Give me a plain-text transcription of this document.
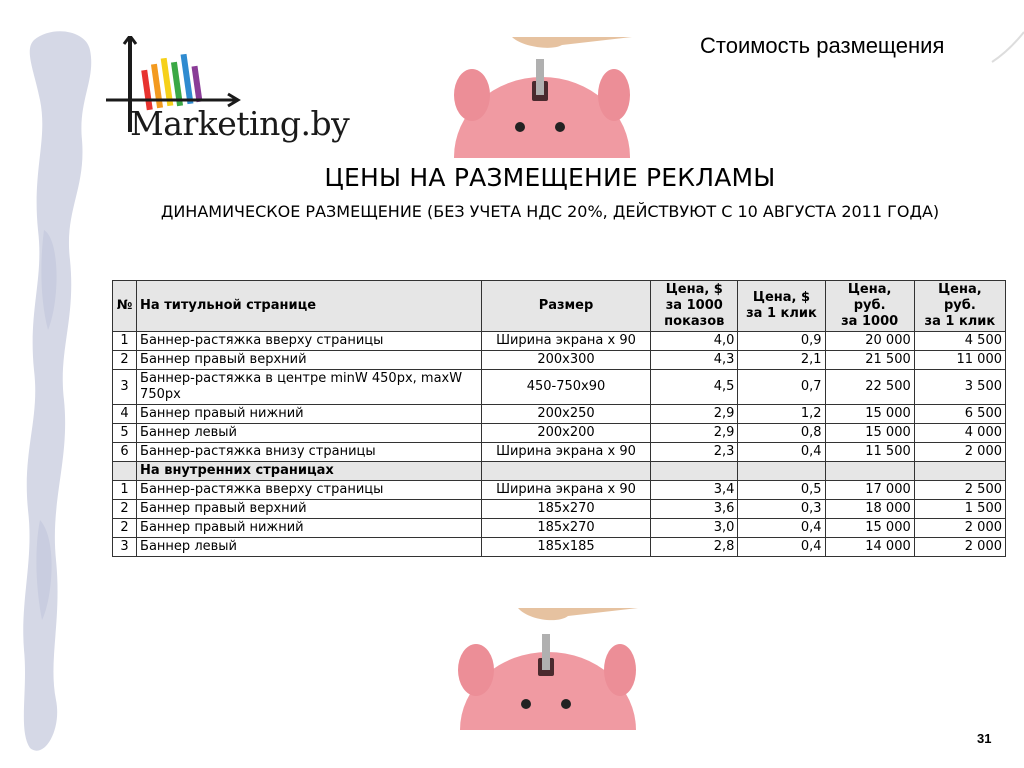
Стоимость размещения
Marketing.by
ЦЕНЫ НА РАЗМЕЩЕНИЕ РЕКЛАМЫ
ДИНАМИЧЕСКОЕ РАЗМЕЩЕНИЕ (БЕЗ УЧЕТА НДС 20%, ДЕЙСТВУЮТ С 10 АВГУСТА 2011 ГОДА)
№	На титульной странице	Размер	Цена, $
за 1000
показов	Цена, $
за 1 клик	Цена,
руб.
за 1000	Цена,
руб.
за 1 клик
1	Баннер-растяжка вверху страницы	Ширина экрана x 90	4,0	0,9	20 000	4 500
2	Баннер правый верхний	200x300	4,3	2,1	21 500	11 000
3	Баннер-растяжка в центре minW 450px, maxW 750px	450-750x90	4,5	0,7	22 500	3 500
4	Баннер правый нижний	200x250	2,9	1,2	15 000	6 500
5	Баннер левый	200x200	2,9	0,8	15 000	4 000
6	Баннер-растяжка внизу страницы	Ширина экрана x 90	2,3	0,4	11 500	2 000
	На внутренних страницах					
1	Баннер-растяжка вверху страницы	Ширина экрана x 90	3,4	0,5	17 000	2 500
2	Баннер правый верхний	185x270	3,6	0,3	18 000	1 500
2	Баннер правый нижний	185x270	3,0	0,4	15 000	2 000
3	Баннер левый	185x185	2,8	0,4	14 000	2 000
31
